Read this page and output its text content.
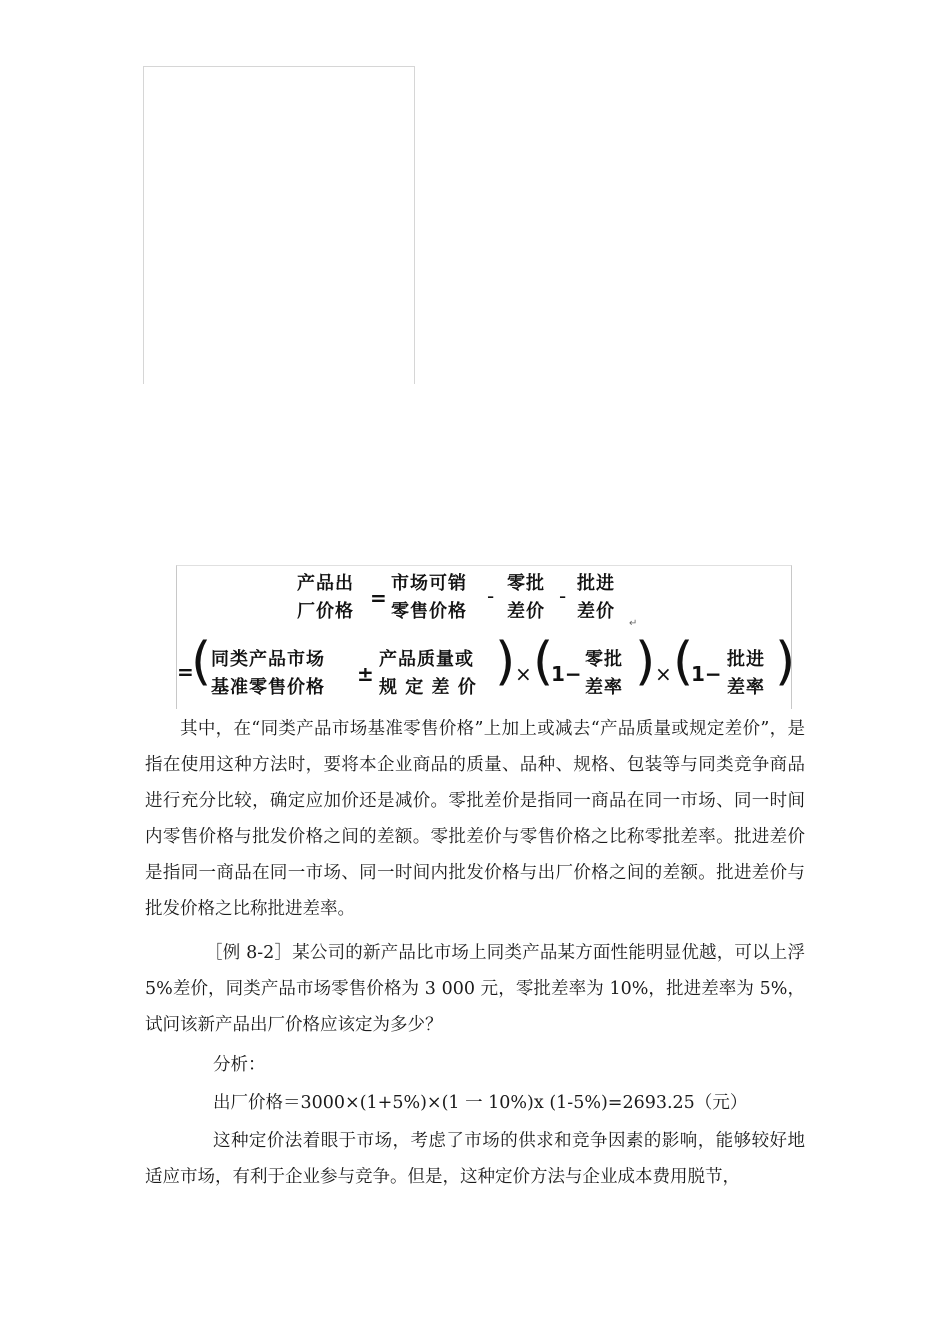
产品出
厂价格
=
市场可销
零售价格
-
零批
差价
-
批进
差价
↵
=
( 同类产品市场
基准零售价格
±
产品质量或
规 定 差 价 ) × (
1−
零批
差率 ) × (
1−
批进
差率 )

其中，在“同类产品市场基准零售价格”上加上或减去“产品质量或规定差价”，是指在使用这种方法时，要将本企业商品的质量、品种、规格、包装等与同类竞争商品进行充分比较，确定应加价还是减价。零批差价是指同一商品在同一市场、同一时间内零售价格与批发价格之间的差额。零批差价与零售价格之比称零批差率。批进差价是指同一商品在同一市场、同一时间内批发价格与出厂价格之间的差额。批进差价与批发价格之比称批进差率。

［例 8-2］某公司的新产品比市场上同类产品某方面性能明显优越，可以上浮 5%差价，同类产品市场零售价格为 3 000 元，零批差率为 10%，批进差率为 5%，试问该新产品出厂价格应该定为多少？

分析：

出厂价格＝3000×(1+5%)×(1 一 10%)x (1-5%)=2693.25（元）

这种定价法着眼于市场，考虑了市场的供求和竞争因素的影响，能够较好地适应市场，有利于企业参与竞争。但是，这种定价方法与企业成本费用脱节，
